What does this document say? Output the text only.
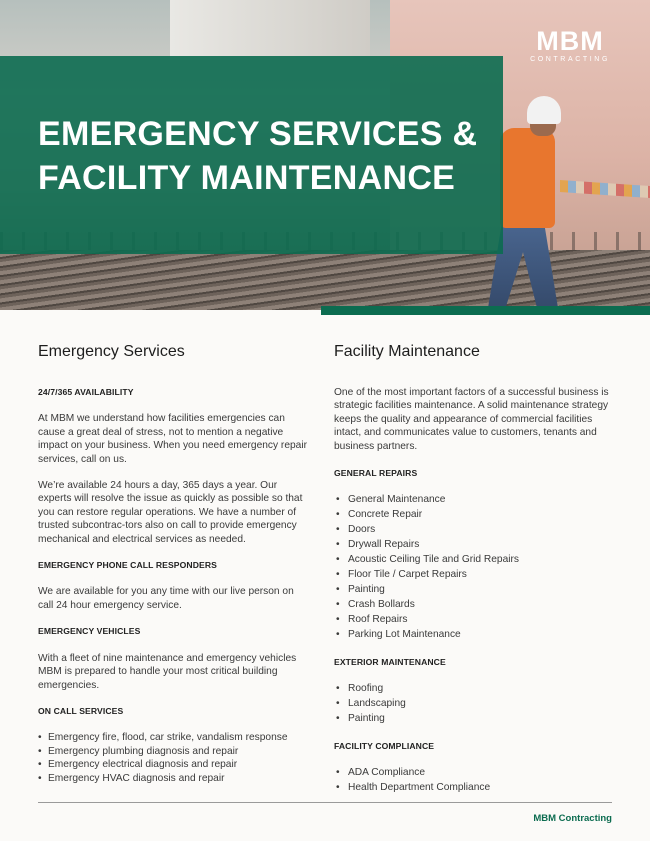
EMERGENCY SERVICES & FACILITY MAINTENANCE
MBM
CONTRACTING
Emergency Services
24/7/365 AVAILABILITY

At MBM we understand how facilities emergencies can cause a great deal of stress, not to mention a negative impact on your business. When you need emergency repair services, call on us.

We’re available 24 hours a day, 365 days a year. Our experts will resolve the issue as quickly as possible so that you can restore regular operations. We have a number of trusted subcontrac-tors also on call to provide emergency mechanical and electrical services as needed.

EMERGENCY PHONE CALL RESPONDERS

We are available for you any time with our live person on call 24 hour emergency service.

EMERGENCY VEHICLES

With a fleet of nine maintenance and emergency vehicles MBM is prepared to handle your most critical building emergencies.

ON CALL SERVICES
• Emergency fire, flood, car strike, vandalism response
• Emergency plumbing diagnosis and repair
• Emergency electrical diagnosis and repair
• Emergency HVAC diagnosis and repair
Facility Maintenance

One of the most important factors of a successful business is strategic facilities maintenance. A solid maintenance strategy keeps the quality and appearance of commercial facilities intact, and communicates value to customers, tenants and business partners.

GENERAL REPAIRS
• General Maintenance
• Concrete Repair
• Doors
• Drywall Repairs
• Acoustic Ceiling Tile and Grid Repairs
• Floor Tile / Carpet Repairs
• Painting
• Crash Bollards
• Roof Repairs
• Parking Lot Maintenance
EXTERIOR MAINTENANCE
• Roofing
• Landscaping
• Painting
FACILITY COMPLIANCE
• ADA Compliance
• Health Department Compliance
MBM Contracting
